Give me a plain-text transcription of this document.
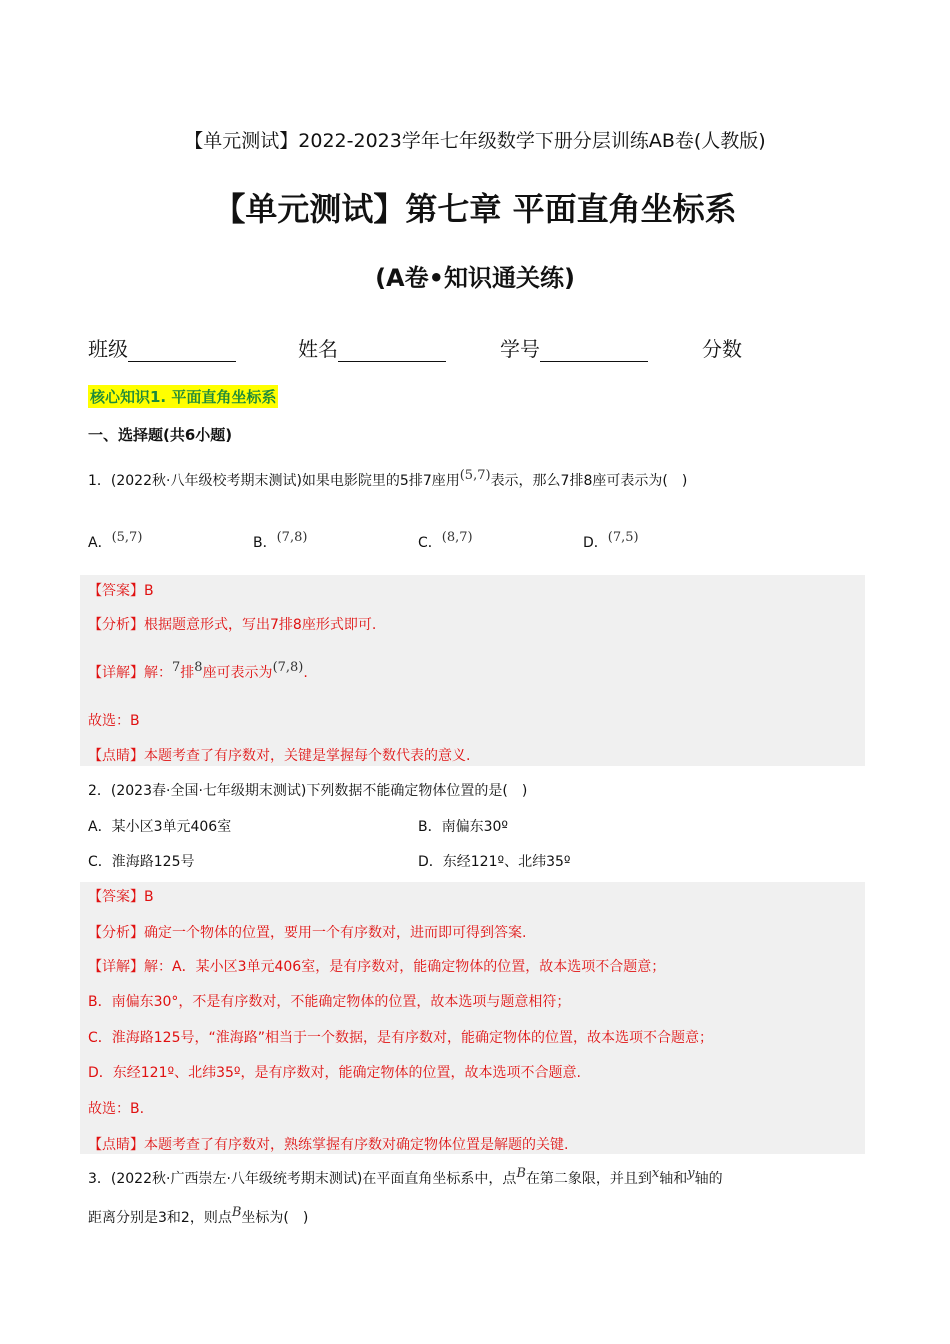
【单元测试】2022-2023学年七年级数学下册分层训练AB卷(人教版)
【单元测试】第七章 平面直角坐标系
(A卷•知识通关练)
班级	姓名	学号	分数
核心知识1. 平面直角坐标系
一、选择题(共6小题)
1．(2022秋·八年级校考期末测试)如果电影院里的5排7座用(5,7)表示，那么7排8座可表示为(　)
A．(5,7)	B．(7,8)	C．(8,7)	D．(7,5)
【答案】B
【分析】根据题意形式，写出7排8座形式即可.
【详解】解：7排8座可表示为(7,8).
故选：B
【点睛】本题考查了有序数对，关键是掌握每个数代表的意义.
2．(2023春·全国·七年级期末测试)下列数据不能确定物体位置的是(　)
A．某小区3单元406室	B．南偏东30º
C．淮海路125号	D．东经121º、北纬35º
【答案】B
【分析】确定一个物体的位置，要用一个有序数对，进而即可得到答案.
【详解】解：A．某小区3单元406室，是有序数对，能确定物体的位置，故本选项不合题意；
B．南偏东30°，不是有序数对，不能确定物体的位置，故本选项与题意相符；
C．淮海路125号，“淮海路”相当于一个数据，是有序数对，能确定物体的位置，故本选项不合题意；
D．东经121º、北纬35º，是有序数对，能确定物体的位置，故本选项不合题意.
故选：B.
【点睛】本题考查了有序数对，熟练掌握有序数对确定物体位置是解题的关键.
3．(2022秋·广西崇左·八年级统考期末测试)在平面直角坐标系中，点B在第二象限，并且到x轴和y轴的
距离分别是3和2，则点B坐标为(　)
